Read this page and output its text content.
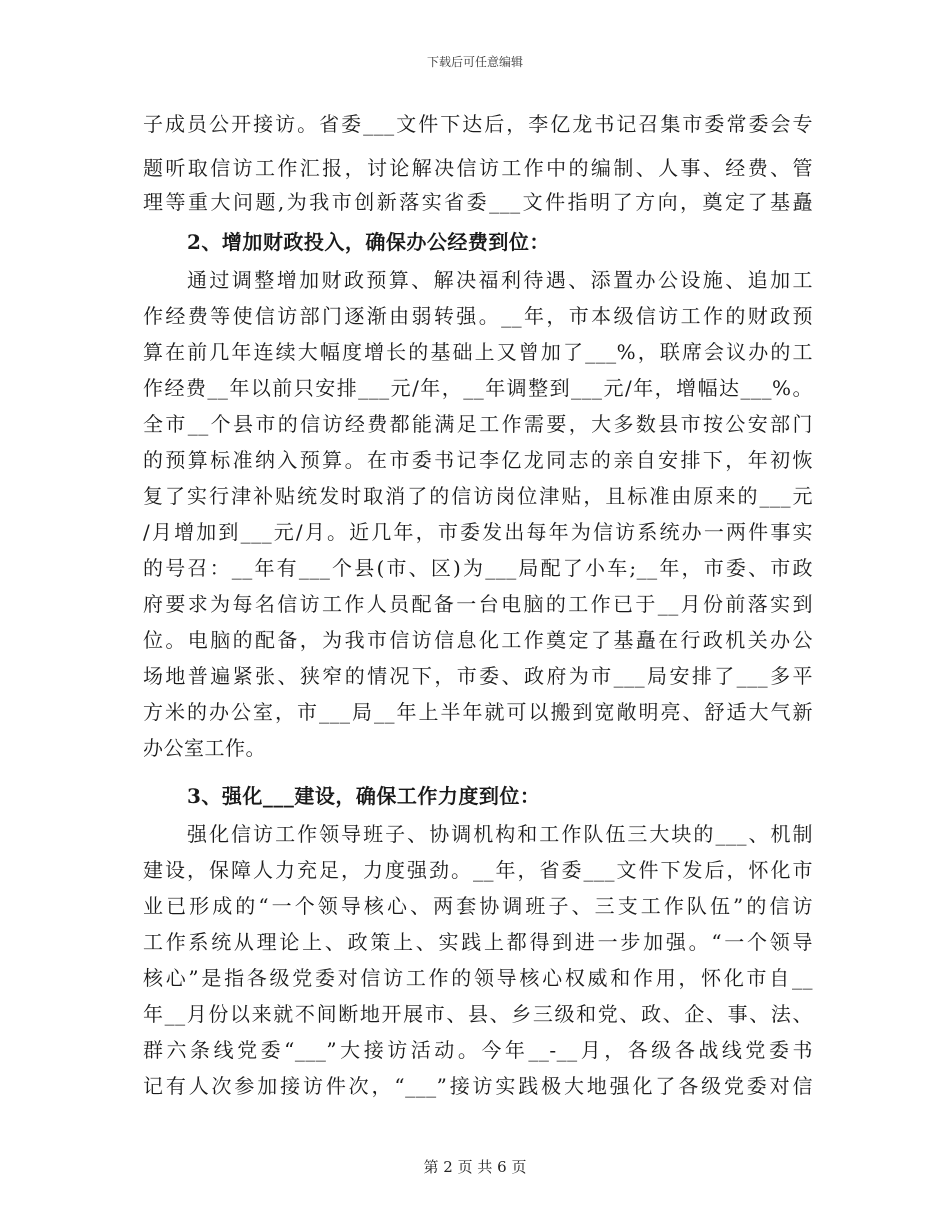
下载后可任意编辑
子成员公开接访。省委___文件下达后，李亿龙书记召集市委常委会专
题听取信访工作汇报，讨论解决信访工作中的编制、人事、经费、管
理等重大问题,为我市创新落实省委___文件指明了方向，奠定了基矗
2、增加财政投入，确保办公经费到位：
通过调整增加财政预算、解决福利待遇、添置办公设施、追加工
作经费等使信访部门逐渐由弱转强。__年，市本级信访工作的财政预
算在前几年连续大幅度增长的基础上又曾加了___%，联席会议办的工
作经费__年以前只安排___元/年，__年调整到___元/年，增幅达___%。
全市__个县市的信访经费都能满足工作需要，大多数县市按公安部门
的预算标准纳入预算。在市委书记李亿龙同志的亲自安排下，年初恢
复了实行津补贴统发时取消了的信访岗位津贴，且标准由原来的___元
/月增加到___元/月。近几年，市委发出每年为信访系统办一两件事实
的号召：__年有___个县(市、区)为___局配了小车;__年，市委、市政
府要求为每名信访工作人员配备一台电脑的工作已于__月份前落实到
位。电脑的配备，为我市信访信息化工作奠定了基矗在行政机关办公
场地普遍紧张、狭窄的情况下，市委、政府为市___局安排了___多平
方米的办公室，市___局__年上半年就可以搬到宽敞明亮、舒适大气新
办公室工作。
3、强化___建设，确保工作力度到位：
强化信访工作领导班子、协调机构和工作队伍三大块的___、机制
建设，保障人力充足，力度强劲。__年，省委___文件下发后，怀化市
业已形成的“一个领导核心、两套协调班子、三支工作队伍”的信访
工作系统从理论上、政策上、实践上都得到进一步加强。“一个领导
核心”是指各级党委对信访工作的领导核心权威和作用，怀化市自__
年__月份以来就不间断地开展市、县、乡三级和党、政、企、事、法、
群六条线党委“___”大接访活动。今年__-__月，各级各战线党委书
记有人次参加接访件次，“___”接访实践极大地强化了各级党委对信
第 2 页 共 6 页
